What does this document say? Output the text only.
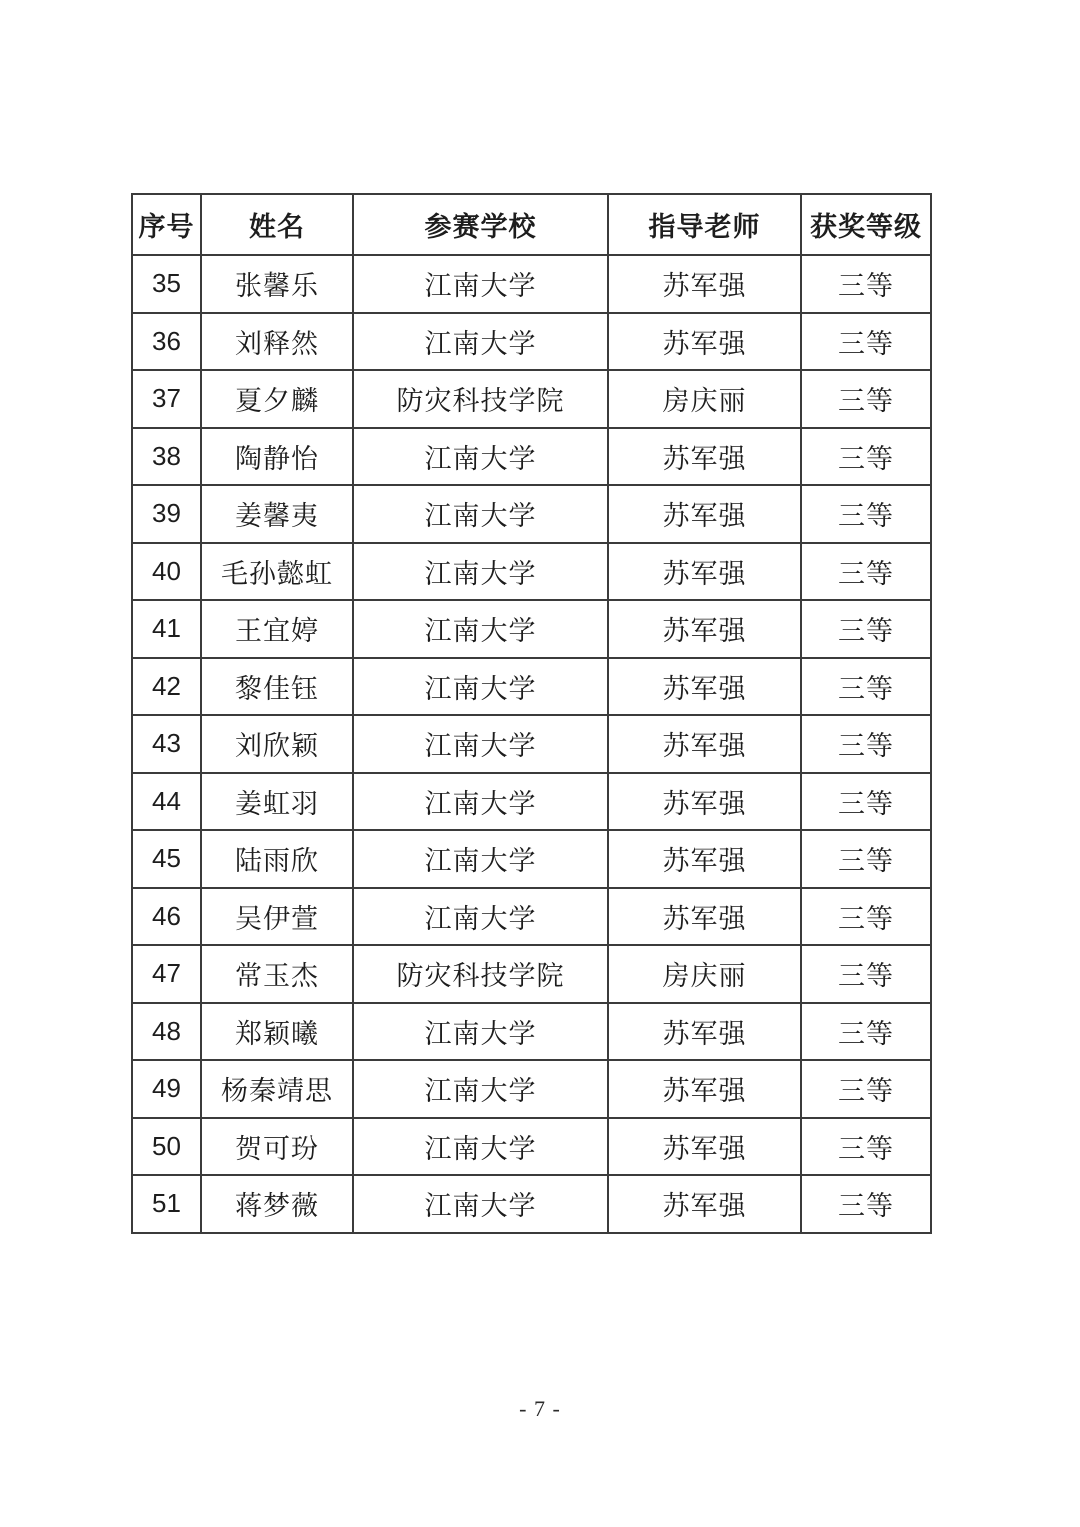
序号	姓名	参赛学校	指导老师	获奖等级
35	张馨乐	江南大学	苏军强	三等
36	刘释然	江南大学	苏军强	三等
37	夏夕麟	防灾科技学院	房庆丽	三等
38	陶静怡	江南大学	苏军强	三等
39	姜馨夷	江南大学	苏军强	三等
40	毛孙懿虹	江南大学	苏军强	三等
41	王宜婷	江南大学	苏军强	三等
42	黎佳钰	江南大学	苏军强	三等
43	刘欣颖	江南大学	苏军强	三等
44	姜虹羽	江南大学	苏军强	三等
45	陆雨欣	江南大学	苏军强	三等
46	吴伊萱	江南大学	苏军强	三等
47	常玉杰	防灾科技学院	房庆丽	三等
48	郑颖曦	江南大学	苏军强	三等
49	杨秦靖思	江南大学	苏军强	三等
50	贺可玢	江南大学	苏军强	三等
51	蒋梦薇	江南大学	苏军强	三等
- 7 -
